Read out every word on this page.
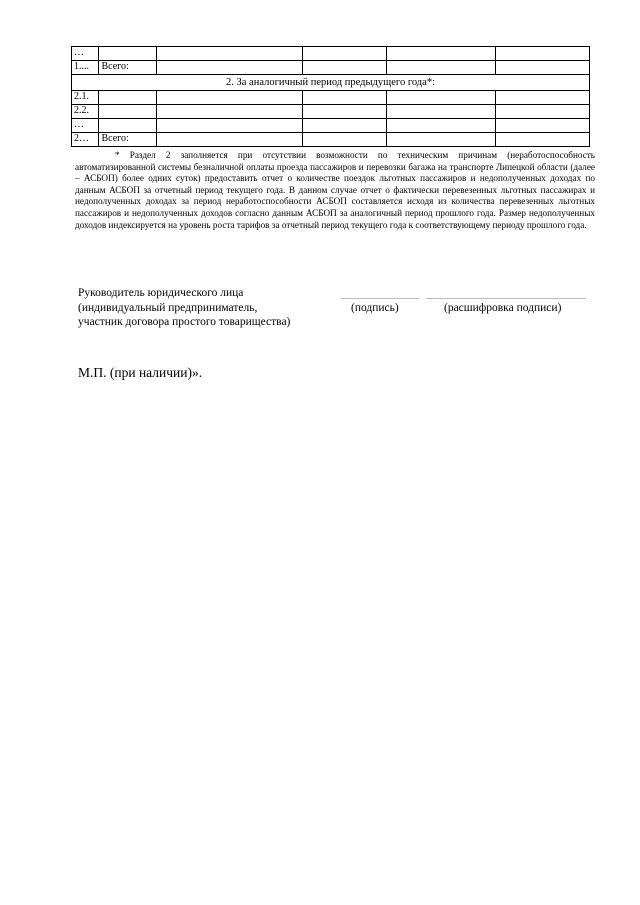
…					
1....	Всего:				
2. За аналогичный период предыдущего года*:					
2.1.					
2.2.					
…					
2…	Всего:				

* Раздел 2 заполняется при отсутствии возможности по техническим причинам (неработоспособность автоматизированной системы безналичной оплаты проезда пассажиров и перевозки багажа на транспорте Липецкой области (далее – АСБОП) более одних суток) предоставить отчет о количестве поездок льготных пассажиров и недополученных доходах по данным АСБОП за отчетный период текущего года. В данном случае отчет о фактически перевезенных льготных пассажирах и недополученных доходах за период неработоспособности АСБОП составляется исходя из количества перевезенных льготных пассажиров и недополученных доходов согласно данным АСБОП за аналогичный период прошлого года. Размер недополученных доходов индексируется на уровень роста тарифов за отчетный период текущего года к соответствующему периоду прошлого года.

Руководитель юридического лица
(индивидуальный предприниматель,
участник договора простого товарищества)
(подпись)	(расшифровка подписи)
М.П. (при наличии)».
